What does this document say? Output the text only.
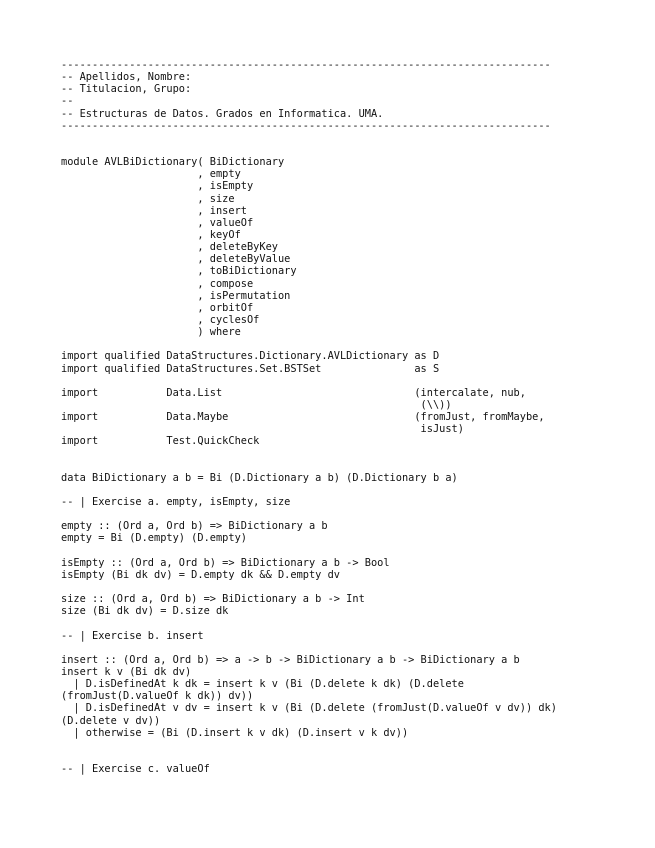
-------------------------------------------------------------------------------
-- Apellidos, Nombre:
-- Titulacion, Grupo:
--
-- Estructuras de Datos. Grados en Informatica. UMA.
-------------------------------------------------------------------------------
module AVLBiDictionary( BiDictionary
, empty
, isEmpty
, size
, insert
, valueOf
, keyOf
, deleteByKey
, deleteByValue
, toBiDictionary
, compose
, isPermutation
, orbitOf
, cyclesOf
) where
import qualified DataStructures.Dictionary.AVLDictionary as D
import qualified DataStructures.Set.BSTSet               as S
import           Data.List                               (intercalate, nub,
(\\))
import           Data.Maybe                              (fromJust, fromMaybe,
isJust)
import           Test.QuickCheck
data BiDictionary a b = Bi (D.Dictionary a b) (D.Dictionary b a)
-- | Exercise a. empty, isEmpty, size
empty :: (Ord a, Ord b) => BiDictionary a b
empty = Bi (D.empty) (D.empty)
isEmpty :: (Ord a, Ord b) => BiDictionary a b -> Bool
isEmpty (Bi dk dv) = D.empty dk && D.empty dv
size :: (Ord a, Ord b) => BiDictionary a b -> Int
size (Bi dk dv) = D.size dk
-- | Exercise b. insert
insert :: (Ord a, Ord b) => a -> b -> BiDictionary a b -> BiDictionary a b
insert k v (Bi dk dv)
| D.isDefinedAt k dk = insert k v (Bi (D.delete k dk) (D.delete
(fromJust(D.valueOf k dk)) dv))
| D.isDefinedAt v dv = insert k v (Bi (D.delete (fromJust(D.valueOf v dv)) dk)
(D.delete v dv))
| otherwise = (Bi (D.insert k v dk) (D.insert v k dv))
-- | Exercise c. valueOf
